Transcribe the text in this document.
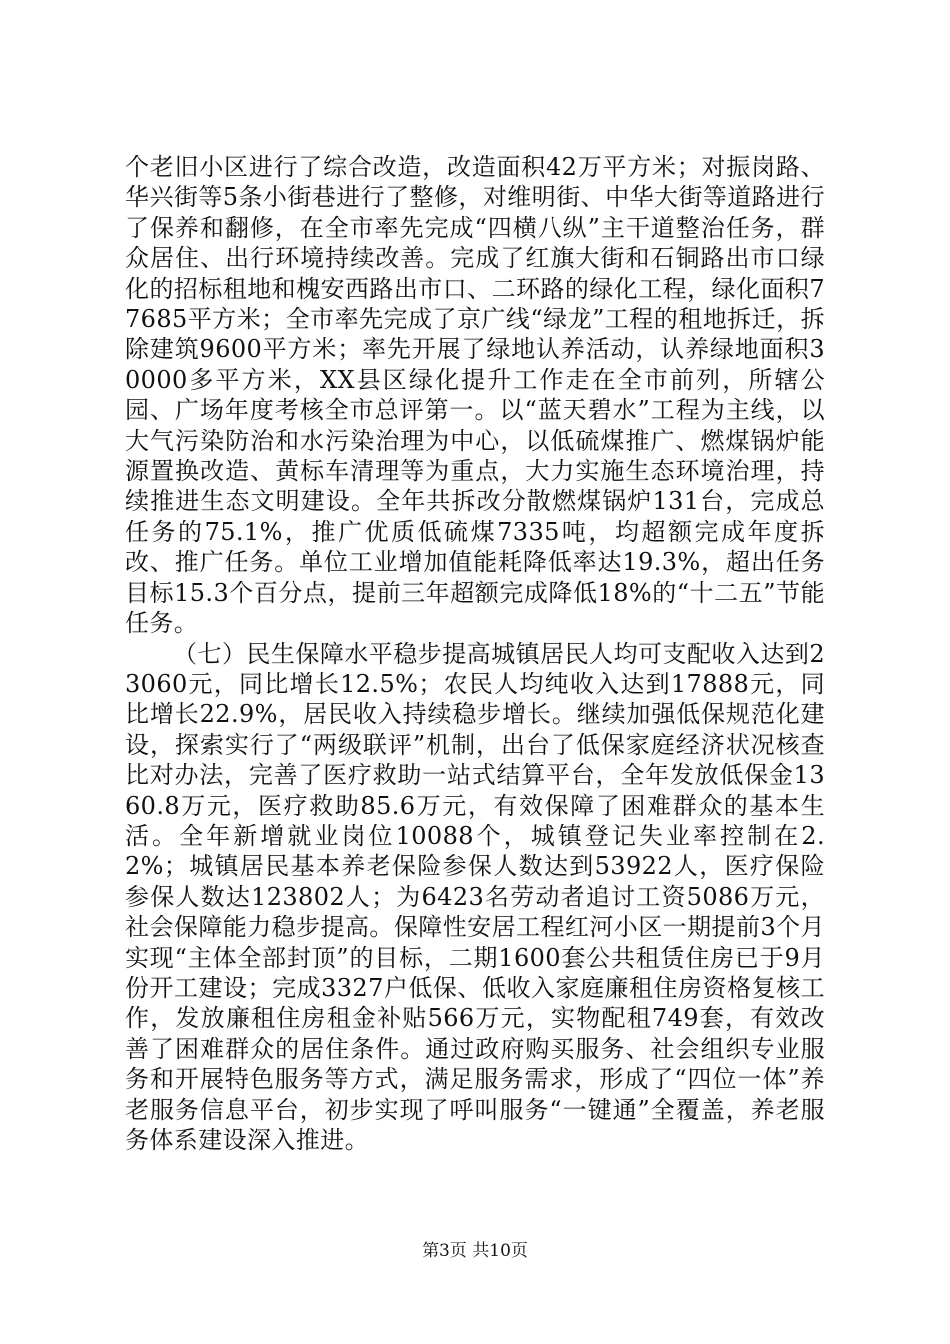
个老旧小区进行了综合改造，改造面积42万平方米；对振岗路、华兴街等5条小街巷进行了整修，对维明街、中华大街等道路进行了保养和翻修，在全市率先完成“四横八纵”主干道整治任务，群众居住、出行环境持续改善。完成了红旗大街和石铜路出市口绿化的招标租地和槐安西路出市口、二环路的绿化工程，绿化面积77685平方米；全市率先完成了京广线“绿龙”工程的租地拆迁，拆除建筑9600平方米；率先开展了绿地认养活动，认养绿地面积30000多平方米，XX县区绿化提升工作走在全市前列，所辖公园、广场年度考核全市总评第一。以“蓝天碧水”工程为主线，以大气污染防治和水污染治理为中心，以低硫煤推广、燃煤锅炉能源置换改造、黄标车清理等为重点，大力实施生态环境治理，持续推进生态文明建设。全年共拆改分散燃煤锅炉131台，完成总任务的75.1%，推广优质低硫煤7335吨，均超额完成年度拆改、推广任务。单位工业增加值能耗降低率达19.3%，超出任务目标15.3个百分点，提前三年超额完成降低18%的“十二五”节能任务。

（七）民生保障水平稳步提高城镇居民人均可支配收入达到23060元，同比增长12.5%；农民人均纯收入达到17888元，同比增长22.9%，居民收入持续稳步增长。继续加强低保规范化建设，探索实行了“两级联评”机制，出台了低保家庭经济状况核查比对办法，完善了医疗救助一站式结算平台，全年发放低保金1360.8万元，医疗救助85.6万元，有效保障了困难群众的基本生活。全年新增就业岗位10088个，城镇登记失业率控制在2.2%；城镇居民基本养老保险参保人数达到53922人，医疗保险参保人数达123802人；为6423名劳动者追讨工资5086万元，社会保障能力稳步提高。保障性安居工程红河小区一期提前3个月实现“主体全部封顶”的目标，二期1600套公共租赁住房已于9月份开工建设；完成3327户低保、低收入家庭廉租住房资格复核工作，发放廉租住房租金补贴566万元，实物配租749套，有效改善了困难群众的居住条件。通过政府购买服务、社会组织专业服务和开展特色服务等方式，满足服务需求，形成了“四位一体”养老服务信息平台，初步实现了呼叫服务“一键通”全覆盖，养老服务体系建设深入推进。

第3页 共10页
